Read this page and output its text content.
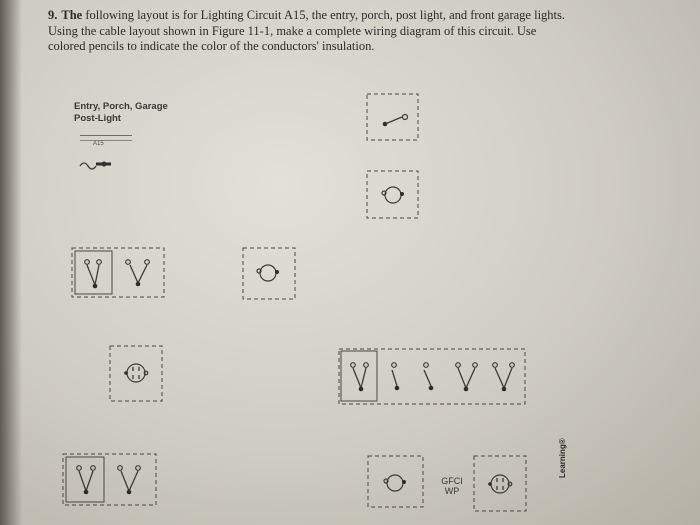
9. The following layout is for Lighting Circuit A15, the entry, porch, post light, and front garage lights. Using the cable layout shown in Figure 11-1, make a complete wiring diagram of this circuit. Use colored pencils to indicate the color of the conductors' insulation.

Entry, Porch, Garage
Post-Light
A15
GFCI
WP
Learning®
